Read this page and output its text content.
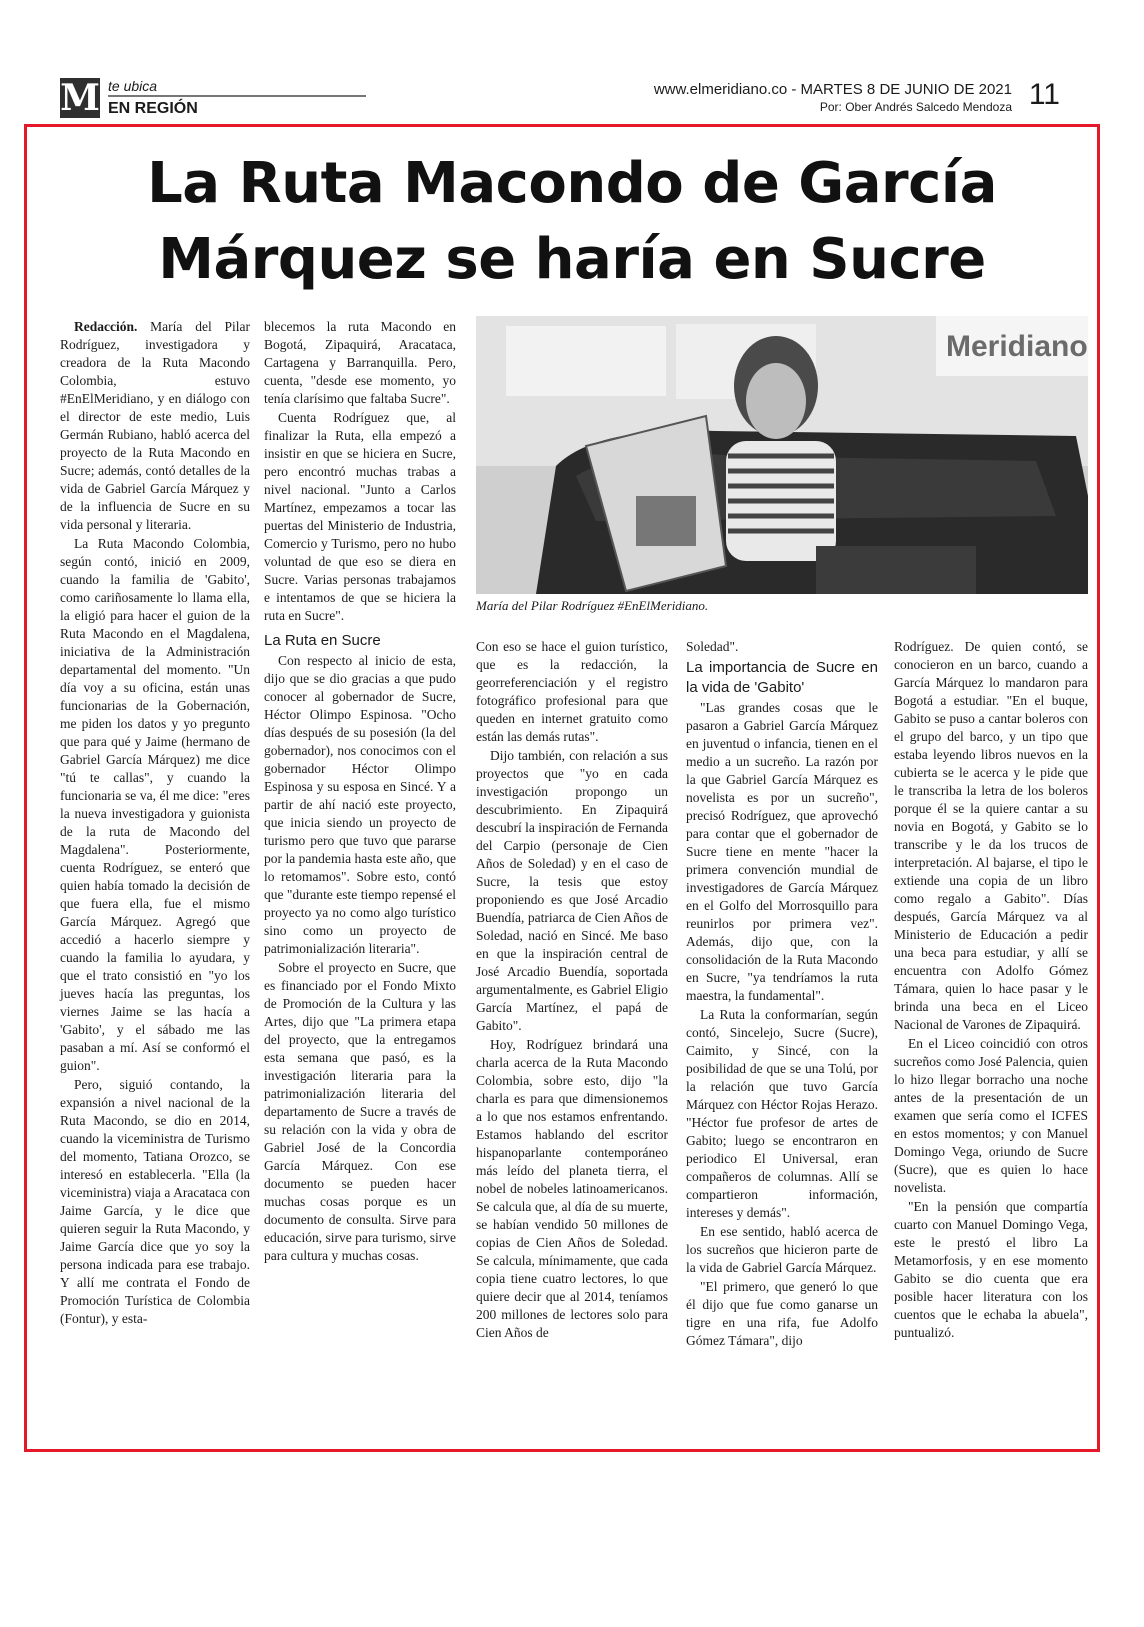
M te ubica
EN REGIÓN
www.elmeridiano.co - MARTES 8 DE JUNIO DE 2021
Por: Ober Andrés Salcedo Mendoza 11
La Ruta Macondo de García
Márquez se haría en Sucre

Redacción. María del Pilar Rodríguez, investigadora y creadora de la Ruta Macondo Colombia, estuvo #EnElMeridiano, y en diálogo con el director de este medio, Luis Germán Rubiano, habló acerca del proyecto de la Ruta Macondo en Sucre; además, contó detalles de la vida de Gabriel García Márquez y de la influencia de Sucre en su vida personal y literaria.

La Ruta Macondo Colombia, según contó, inició en 2009, cuando la familia de 'Gabito', como cariñosamente lo llama ella, la eligió para hacer el guion de la Ruta Macondo en el Magdalena, iniciativa de la Administración departamental del momento. "Un día voy a su oficina, están unas funcionarias de la Gobernación, me piden los datos y yo pregunto que para qué y Jaime (hermano de Gabriel García Márquez) me dice "tú te callas", y cuando la funcionaria se va, él me dice: "eres la nueva investigadora y guionista de la ruta de Macondo del Magdalena". Posteriormente, cuenta Rodríguez, se enteró que quien había tomado la decisión de que fuera ella, fue el mismo García Márquez. Agregó que accedió a hacerlo siempre y cuando la familia lo ayudara, y que el trato consistió en "yo los jueves hacía las preguntas, los viernes Jaime se las hacía a 'Gabito', y el sábado me las pasaban a mí. Así se conformó el guion".

Pero, siguió contando, la expansión a nivel nacional de la Ruta Macondo, se dio en 2014, cuando la viceministra de Turismo del momento, Tatiana Orozco, se interesó en establecerla. "Ella (la viceministra) viaja a Aracataca con Jaime García, y le dice que quieren seguir la Ruta Macondo, y Jaime García dice que yo soy la persona indicada para ese trabajo. Y allí me contrata el Fondo de Promoción Turística de Colombia (Fontur), y esta-

blecemos la ruta Macondo en Bogotá, Zipaquirá, Aracataca, Cartagena y Barranquilla. Pero, cuenta, "desde ese momento, yo tenía clarísimo que faltaba Sucre".

Cuenta Rodríguez que, al finalizar la Ruta, ella empezó a insistir en que se hiciera en Sucre, pero encontró muchas trabas a nivel nacional. "Junto a Carlos Martínez, empezamos a tocar las puertas del Ministerio de Industria, Comercio y Turismo, pero no hubo voluntad de que eso se diera en Sucre. Varias personas trabajamos e intentamos de que se hiciera la ruta en Sucre".

La Ruta en Sucre

Con respecto al inicio de esta, dijo que se dio gracias a que pudo conocer al gobernador de Sucre, Héctor Olimpo Espinosa. "Ocho días después de su posesión (la del gobernador), nos conocimos con el gobernador Héctor Olimpo Espinosa y su esposa en Sincé. Y a partir de ahí nació este proyecto, que inicia siendo un proyecto de turismo pero que tuvo que pararse por la pandemia hasta este año, que lo retomamos". Sobre esto, contó que "durante este tiempo repensé el proyecto ya no como algo turístico sino como un proyecto de patrimonialización literaria".

Sobre el proyecto en Sucre, que es financiado por el Fondo Mixto de Promoción de la Cultura y las Artes, dijo que "La primera etapa del proyecto, que la entregamos esta semana que pasó, es la investigación literaria para la patrimonialización literaria del departamento de Sucre a través de su relación con la vida y obra de Gabriel José de la Concordia García Márquez. Con ese documento se pueden hacer muchas cosas porque es un documento de consulta. Sirve para educación, sirve para turismo, sirve para cultura y muchas cosas.

Meridiano
María del Pilar Rodríguez #EnElMeridiano.

Con eso se hace el guion turístico, que es la redacción, la georreferenciación y el registro fotográfico profesional para que queden en internet gratuito como están las demás rutas".

Dijo también, con relación a sus proyectos que "yo en cada investigación propongo un descubrimiento. En Zipaquirá descubrí la inspiración de Fernanda del Carpio (personaje de Cien Años de Soledad) y en el caso de Sucre, la tesis que estoy proponiendo es que José Arcadio Buendía, patriarca de Cien Años de Soledad, nació en Sincé. Me baso en que la inspiración central de José Arcadio Buendía, soportada argumentalmente, es Gabriel Eligio García Martínez, el papá de Gabito".

Hoy, Rodríguez brindará una charla acerca de la Ruta Macondo Colombia, sobre esto, dijo "la charla es para que dimensionemos a lo que nos estamos enfrentando. Estamos hablando del escritor hispanoparlante contemporáneo más leído del planeta tierra, el nobel de nobeles latinoamericanos. Se calcula que, al día de su muerte, se habían vendido 50 millones de copias de Cien Años de Soledad. Se calcula, mínimamente, que cada copia tiene cuatro lectores, lo que quiere decir que al 2014, teníamos 200 millones de lectores solo para Cien Años de

Soledad".

La importancia de Sucre en la vida de 'Gabito'

"Las grandes cosas que le pasaron a Gabriel García Márquez en juventud o infancia, tienen en el medio a un sucreño. La razón por la que Gabriel García Márquez es novelista es por un sucreño", precisó Rodríguez, que aprovechó para contar que el gobernador de Sucre tiene en mente "hacer la primera convención mundial de investigadores de García Márquez en el Golfo del Morrosquillo para reunirlos por primera vez". Además, dijo que, con la consolidación de la Ruta Macondo en Sucre, "ya tendríamos la ruta maestra, la fundamental".

La Ruta la conformarían, según contó, Sincelejo, Sucre (Sucre), Caimito, y Sincé, con la posibilidad de que se una Tolú, por la relación que tuvo García Márquez con Héctor Rojas Herazo. "Héctor fue profesor de artes de Gabito; luego se encontraron en periodico El Universal, eran compañeros de columnas. Allí se compartieron información, intereses y demás".

En ese sentido, habló acerca de los sucreños que hicieron parte de la vida de Gabriel García Márquez.

"El primero, que generó lo que él dijo que fue como ganarse un tigre en una rifa, fue Adolfo Gómez Támara", dijo

Rodríguez. De quien contó, se conocieron en un barco, cuando a García Márquez lo mandaron para Bogotá a estudiar. "En el buque, Gabito se puso a cantar boleros con el grupo del barco, y un tipo que estaba leyendo libros nuevos en la cubierta se le acerca y le pide que le transcriba la letra de los boleros porque él se la quiere cantar a su novia en Bogotá, y Gabito se lo transcribe y le da los trucos de interpretación. Al bajarse, el tipo le extiende una copia de un libro como regalo a Gabito". Días después, García Márquez va al Ministerio de Educación a pedir una beca para estudiar, y allí se encuentra con Adolfo Gómez Támara, quien lo hace pasar y le brinda una beca en el Liceo Nacional de Varones de Zipaquirá.

En el Liceo coincidió con otros sucreños como José Palencia, quien lo hizo llegar borracho una noche antes de la presentación de un examen que sería como el ICFES en estos momentos; y con Manuel Domingo Vega, oriundo de Sucre (Sucre), que es quien lo hace novelista.

"En la pensión que compartía cuarto con Manuel Domingo Vega, este le prestó el libro La Metamorfosis, y en ese momento Gabito se dio cuenta que era posible hacer literatura con los cuentos que le echaba la abuela", puntualizó.
